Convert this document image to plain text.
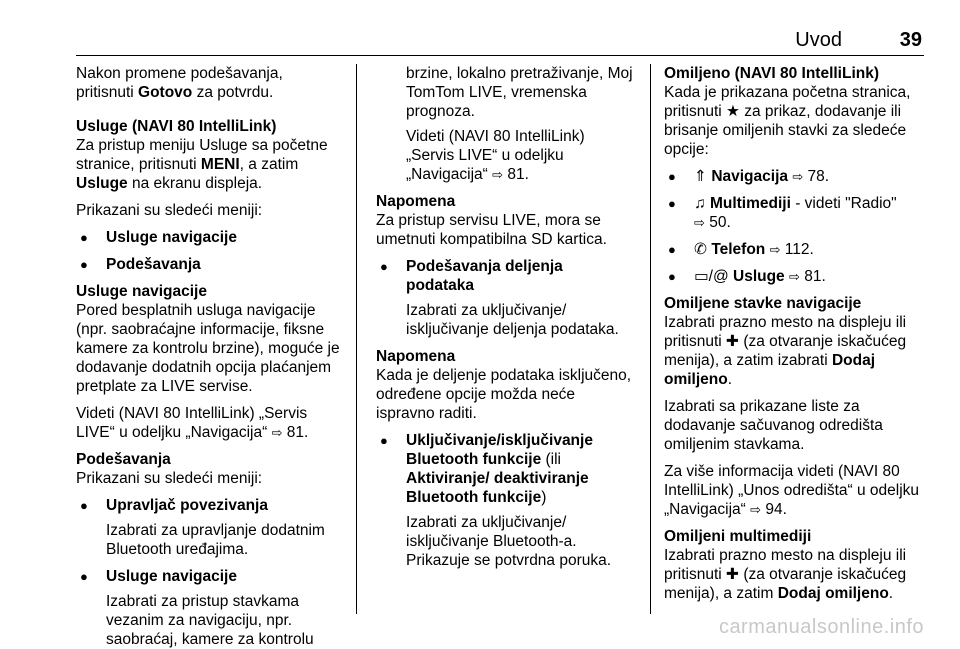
Uvod	39

Nakon promene podešavanja,
pritisnuti Gotovo za potvrdu.

Usluge (NAVI 80 IntelliLink)

Za pristup meniju Usluge sa početne stranice, pritisnuti MENI, a zatim Usluge na ekranu displeja.

Prikazani su sledeći meniji:

● Usluge navigacije
● Podešavanja

Usluge navigacije

Pored besplatnih usluga navigacije (npr. saobraćajne informacije, fiksne kamere za kontrolu brzine), moguće je dodavanje dodatnih opcija plaćanjem pretplate za LIVE servise.

Videti (NAVI 80 IntelliLink) „Servis LIVE“ u odeljku „Navigacija“ ⇨ 81.

Podešavanja

Prikazani su sledeći meniji:

● Upravljač povezivanja

Izabrati za upravljanje dodatnim Bluetooth uređajima.

● Usluge navigacije

Izabrati za pristup stavkama vezanim za navigaciju, npr. saobraćaj, kamere za kontrolu

brzine, lokalno pretraživanje, Moj TomTom LIVE, vremenska prognoza.

Videti (NAVI 80 IntelliLink) „Servis LIVE“ u odeljku „Navigacija“ ⇨ 81.

Napomena

Za pristup servisu LIVE, mora se umetnuti kompatibilna SD kartica.

● Podešavanja deljenja podataka

Izabrati za uključivanje/ isključivanje deljenja podataka.

Napomena

Kada je deljenje podataka isključeno, određene opcije možda neće ispravno raditi.

● Uključivanje/isključivanje Bluetooth funkcije (ili Aktiviranje/ deaktiviranje Bluetooth funkcije)

Izabrati za uključivanje/ isključivanje Bluetooth-a. Prikazuje se potvrdna poruka.

Omiljeno (NAVI 80 IntelliLink)

Kada je prikazana početna stranica, pritisnuti ★ za prikaz, dodavanje ili brisanje omiljenih stavki za sledeće opcije:

● ⇑ Navigacija ⇨ 78.
● ♫ Multimediji - videti "Radio"
⇨ 50.
● ✆ Telefon ⇨ 112.
● ▭/@ Usluge ⇨ 81.

Omiljene stavke navigacije

Izabrati prazno mesto na displeju ili pritisnuti ✚ (za otvaranje iskačućeg menija), a zatim izabrati Dodaj omiljeno.

Izabrati sa prikazane liste za dodavanje sačuvanog odredišta omiljenim stavkama.

Za više informacija videti (NAVI 80 IntelliLink) „Unos odredišta“ u odeljku „Navigacija“ ⇨ 94.

Omiljeni multimediji

Izabrati prazno mesto na displeju ili pritisnuti ✚ (za otvaranje iskačućeg menija), a zatim Dodaj omiljeno.

carmanualsonline.info
